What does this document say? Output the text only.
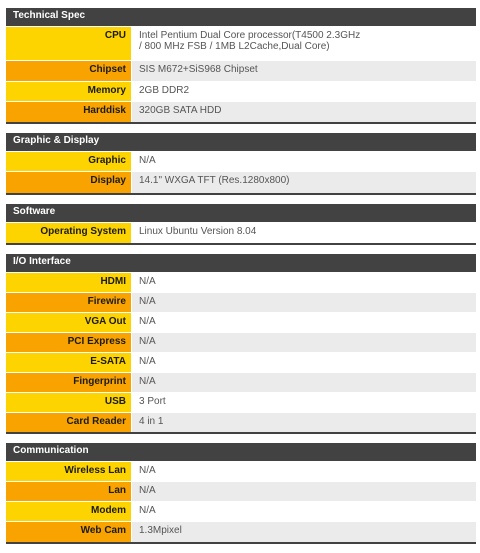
Technical Spec
CPU	Intel Pentium Dual Core processor(T4500 2.3GHz
/ 800 MHz FSB / 1MB L2Cache,Dual Core)
Chipset	SIS M672+SiS968 Chipset
Memory	2GB DDR2
Harddisk	320GB SATA HDD
Graphic & Display
Graphic	N/A
Display	14.1" WXGA TFT (Res.1280x800)
Software
Operating System	Linux Ubuntu Version 8.04
I/O Interface
HDMI	N/A
Firewire	N/A
VGA Out	N/A
PCI Express	N/A
E-SATA	N/A
Fingerprint	N/A
USB	3 Port
Card Reader	4 in 1
Communication
Wireless Lan	N/A
Lan	N/A
Modem	N/A
Web Cam	1.3Mpixel
